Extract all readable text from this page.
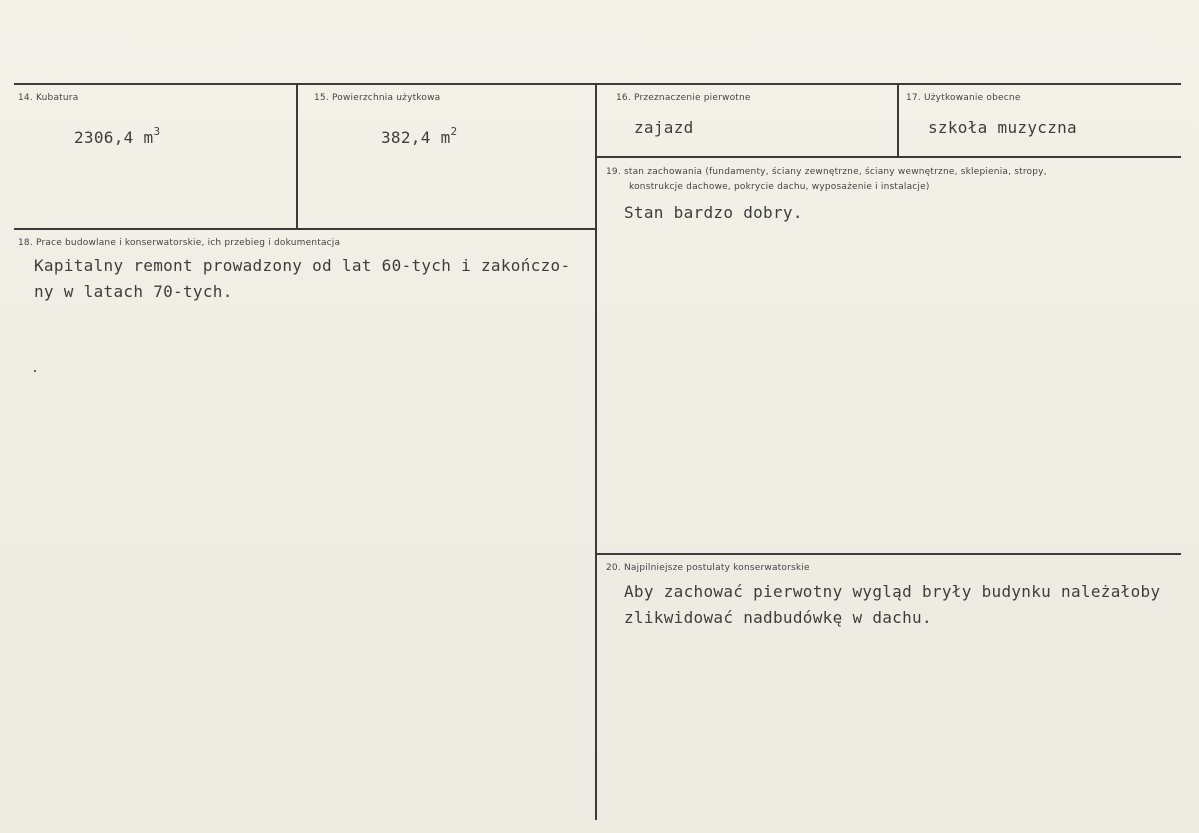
14. Kubatura
2306,4 $m^3$
15. Powierzchnia użytkowa
382,4 $m^2$
16. Przeznaczenie pierwotne
zajazd
17. Użytkowanie obecne
szkoła muzyczna
19. stan zachowania (fundamenty, ściany zewnętrzne, ściany wewnętrzne, sklepienia, stropy,
konstrukcje dachowe, pokrycie dachu, wyposażenie i instalacje)
Stan bardzo dobry.
18. Prace budowlane i konserwatorskie, ich przebieg i dokumentacja
Kapitalny remont prowadzony od lat 60-tych i zakończo-
ny w latach 70-tych.
20. Najpilniejsze postulaty konserwatorskie
Aby zachować pierwotny wygląd bryły budynku należałoby
zlikwidować nadbudówkę w dachu.
